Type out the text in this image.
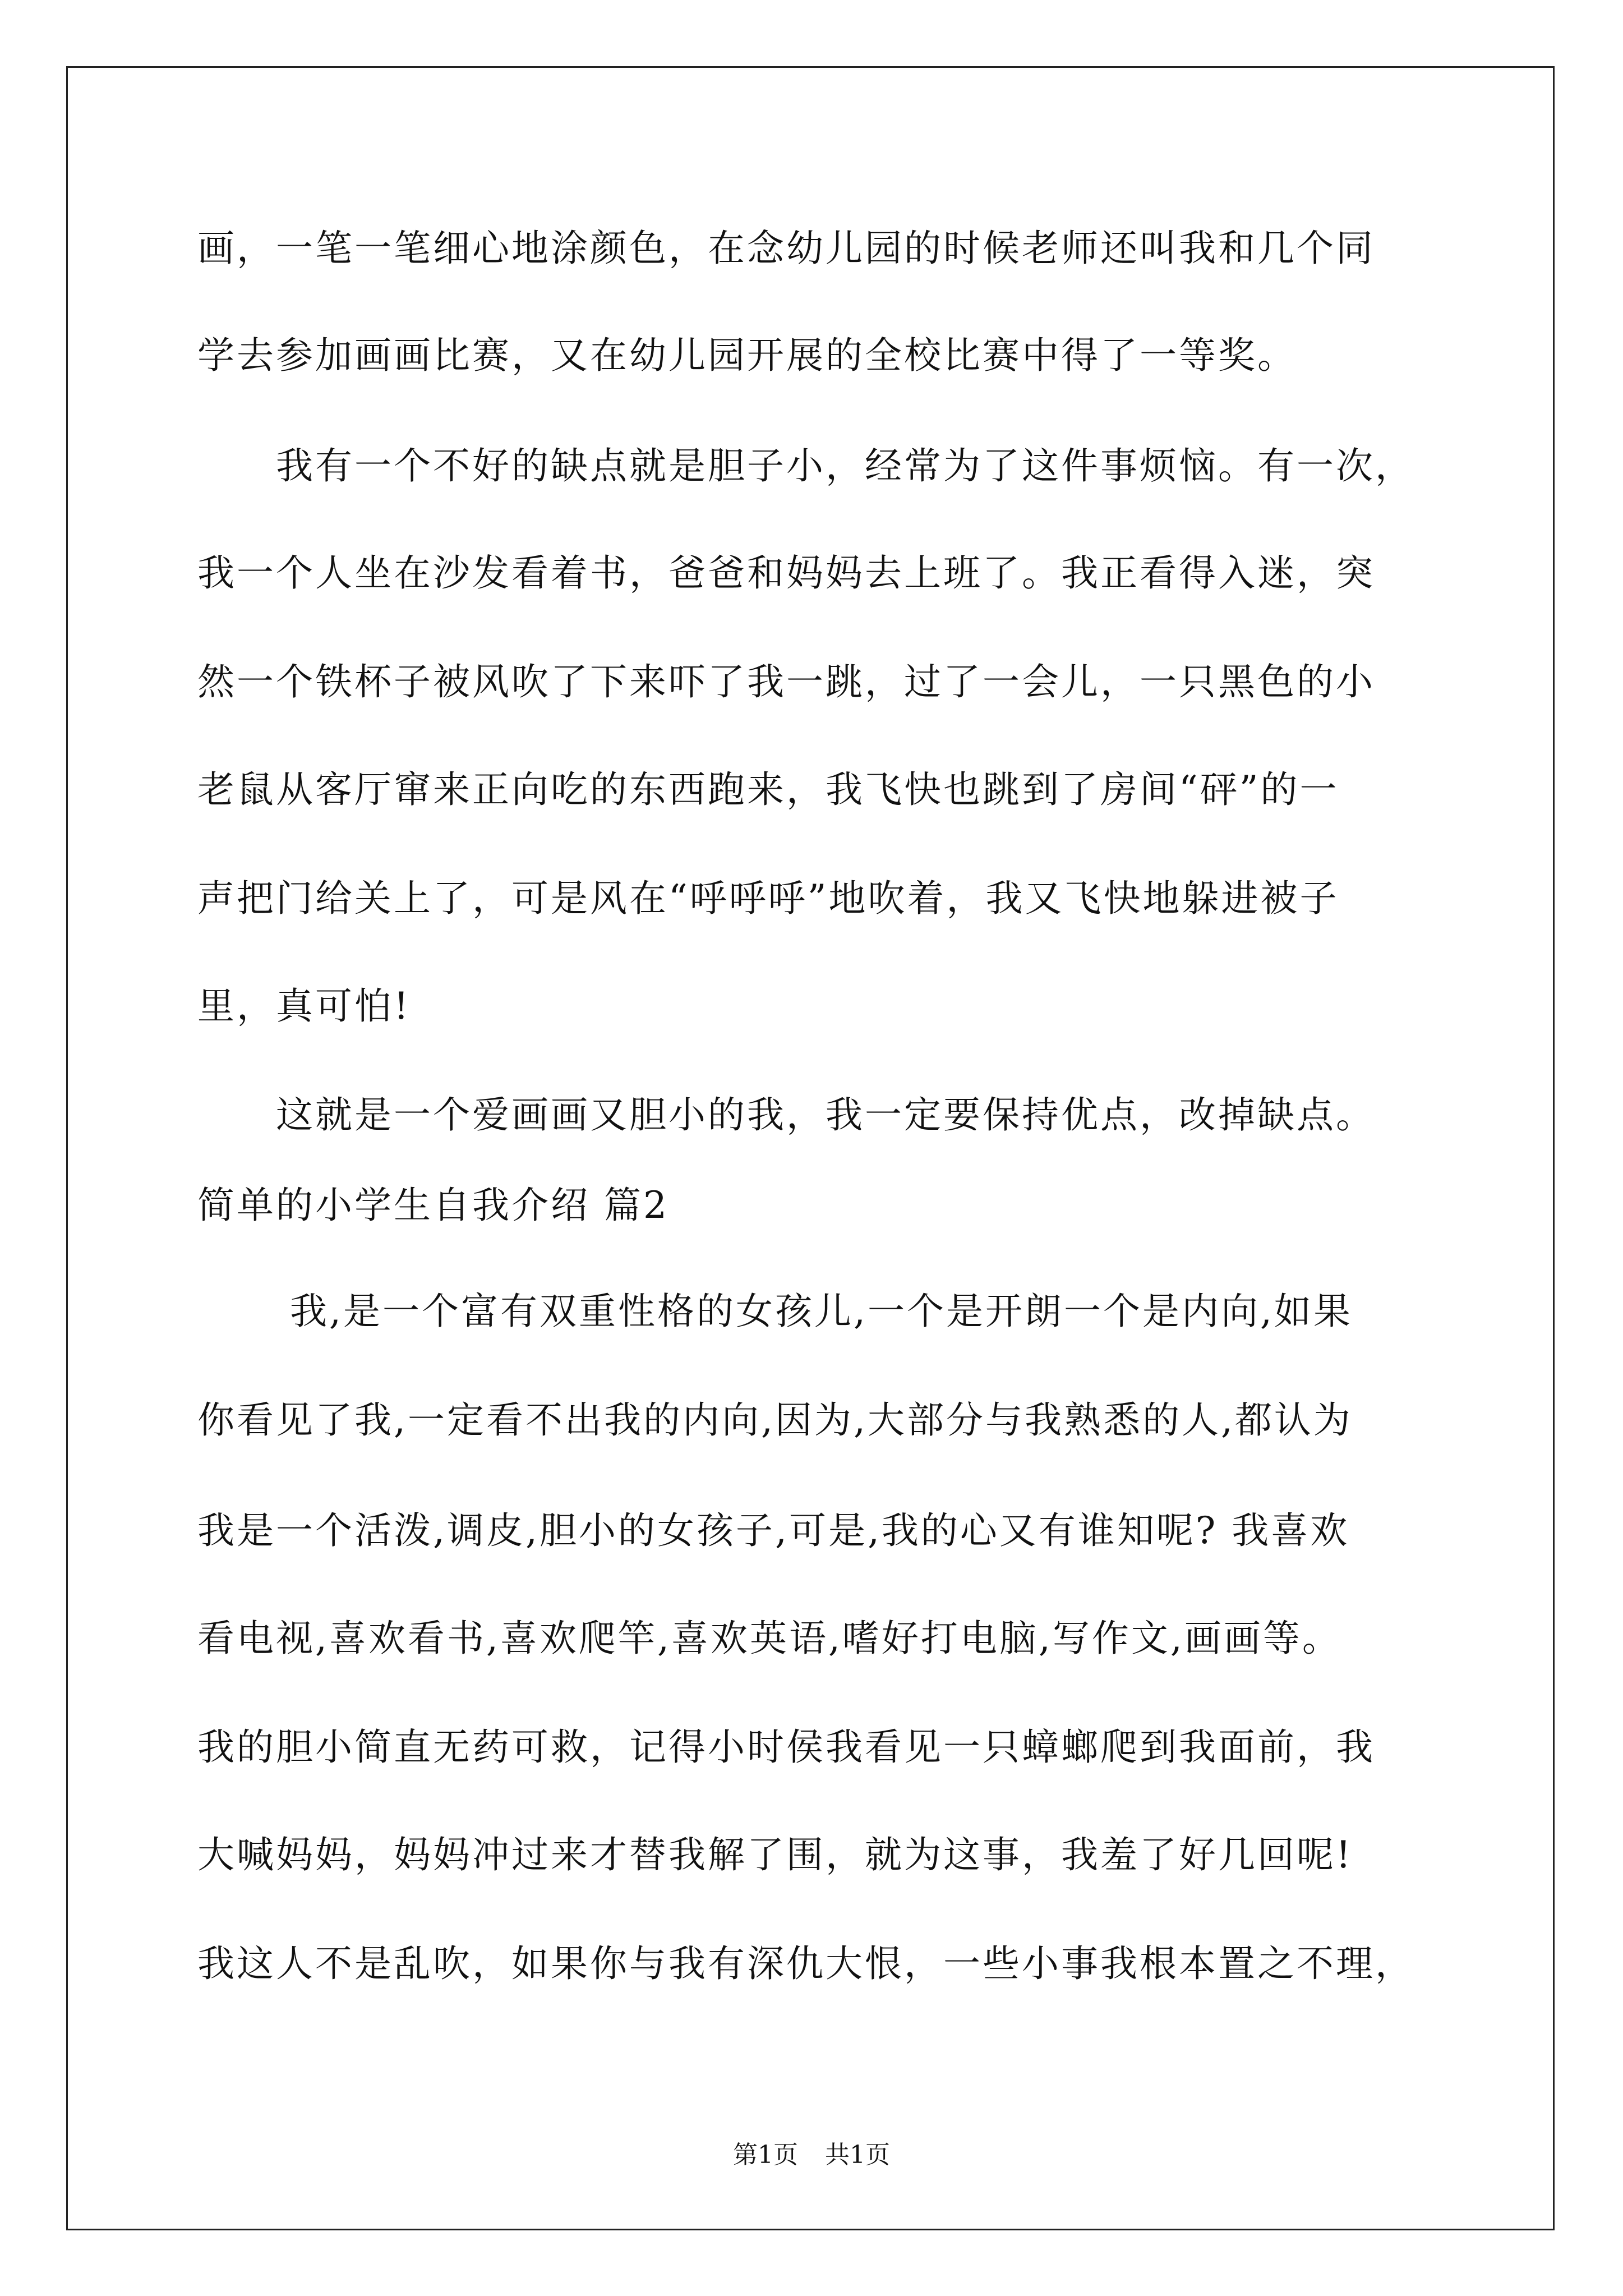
画，一笔一笔细心地涂颜色，在念幼儿园的时候老师还叫我和几个同
学去参加画画比赛，又在幼儿园开展的全校比赛中得了一等奖。
　　我有一个不好的缺点就是胆子小，经常为了这件事烦恼。有一次，
我一个人坐在沙发看着书，爸爸和妈妈去上班了。我正看得入迷，突
然一个铁杯子被风吹了下来吓了我一跳，过了一会儿，一只黑色的小
老鼠从客厅窜来正向吃的东西跑来，我飞快也跳到了房间“砰”的一
声把门给关上了，可是风在“呼呼呼”地吹着，我又飞快地躲进被子
里，真可怕!
　　这就是一个爱画画又胆小的我，我一定要保持优点，改掉缺点。
简单的小学生自我介绍 篇2
　　 我,是一个富有双重性格的女孩儿,一个是开朗一个是内向,如果
你看见了我,一定看不出我的内向,因为,大部分与我熟悉的人,都认为
我是一个活泼,调皮,胆小的女孩子,可是,我的心又有谁知呢? 我喜欢
看电视,喜欢看书,喜欢爬竿,喜欢英语,嗜好打电脑,写作文,画画等。
我的胆小简直无药可救，记得小时侯我看见一只蟑螂爬到我面前，我
大喊妈妈，妈妈冲过来才替我解了围，就为这事，我羞了好几回呢!
我这人不是乱吹，如果你与我有深仇大恨，一些小事我根本置之不理，
第1页 共1页
